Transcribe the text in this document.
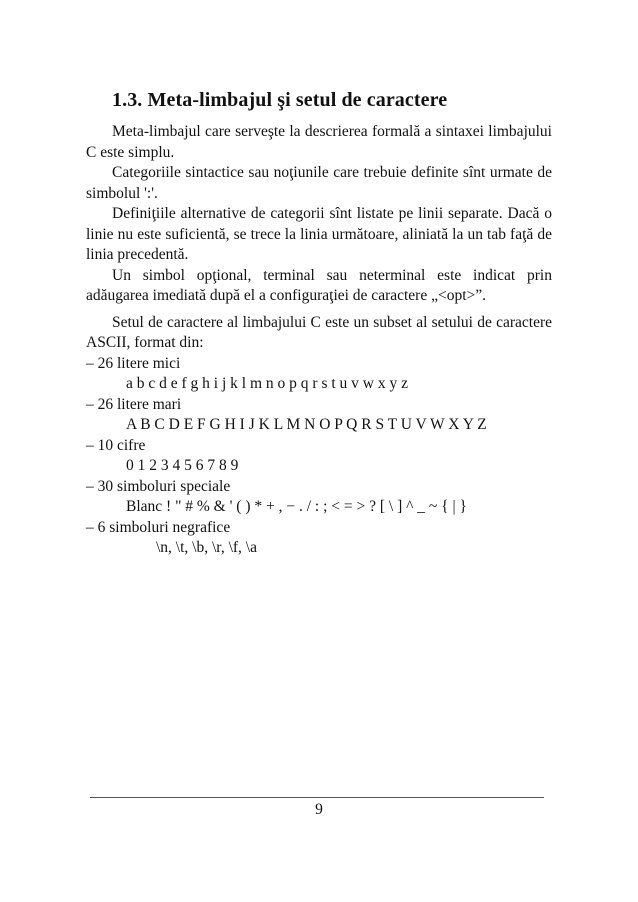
1.3. Meta-limbajul şi setul de caractere

Meta-limbajul care serveşte la descrierea formală a sintaxei limbajului C este simplu.

Categoriile sintactice sau noţiunile care trebuie definite sînt urmate de simbolul ':'.

Definiţiile alternative de categorii sînt listate pe linii separate. Dacă o linie nu este suficientă, se trece la linia următoare, aliniată la un tab faţă de linia precedentă.

Un simbol opţional, terminal sau neterminal este indicat prin adăugarea imediată după el a configuraţiei de caractere „<opt>”.

Setul de caractere al limbajului C este un subset al setului de caractere ASCII, format din:

– 26 litere mici
a b c d e f g h i j k l m n o p q r s t u v w x y z
– 26 litere mari
A B C D E F G H I J K L M N O P Q R S T U V W X Y Z
– 10 cifre
0 1 2 3 4 5 6 7 8 9
– 30 simboluri speciale
Blanc ! " # % & ' ( ) * + , − . / : ; < = > ? [ \ ] ^ _ ~ { | }
– 6 simboluri negrafice
\n, \t, \b, \r, \f, \a
9
